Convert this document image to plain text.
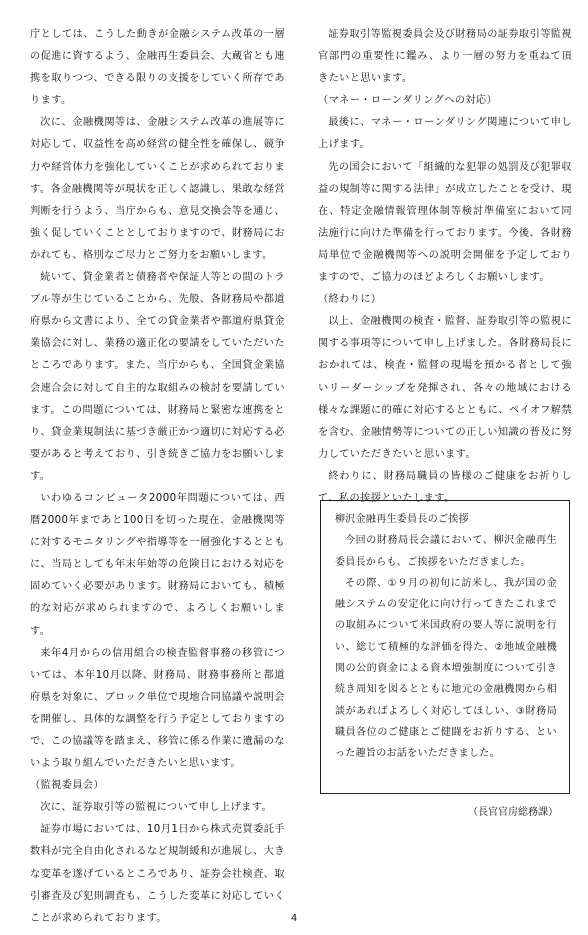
庁としては、こうした動きが金融システム改革の一層の促進に資するよう、金融再生委員会、大蔵省とも連携を取りつつ、できる限りの支援をしていく所存であります。

次に、金融機関等は、金融システム改革の進展等に対応して、収益性を高め経営の健全性を確保し、競争力や経営体力を強化していくことが求められております。各金融機関等が現状を正しく認識し、果敢な経営判断を行うよう、当庁からも、意見交換会等を通じ、強く促していくこととしておりますので、財務局におかれても、格別なご尽力とご努力をお願いします。

続いて、貸金業者と債務者や保証人等との間のトラブル等が生じていることから、先般、各財務局や都道府県から文書により、全ての貸金業者や都道府県貸金業協会に対し、業務の適正化の要請をしていただいたところであります。また、当庁からも、全国貸金業協会連合会に対して自主的な取組みの検討を要請しています。この問題については、財務局と緊密な連携をとり、貸金業規制法に基づき厳正かつ適切に対応する必要があると考えており、引き続きご協力をお願いします。

いわゆるコンピュータ2000年問題については、西暦2000年まであと100日を切った現在、金融機関等に対するモニタリングや指導等を一層強化するとともに、当局としても年末年始等の危険日における対応を固めていく必要があります。財務局においても、積極的な対応が求められますので、よろしくお願いします。

来年4月からの信用組合の検査監督事務の移管については、本年10月以降、財務局、財務事務所と都道府県を対象に、ブロック単位で現地合同協議や説明会を開催し、具体的な調整を行う予定としておりますので、この協議等を踏まえ、移管に係る作業に遺漏のないよう取り組んでいただきたいと思います。

（監視委員会）

次に、証券取引等の監視について申し上げます。

証券市場においては、10月1日から株式売買委託手数料が完全自由化されるなど規制緩和が進展し、大きな変革を遂げているところであり、証券会社検査、取引審査及び犯則調査も、こうした変革に対応していくことが求められております。

証券取引等監視委員会及び財務局の証券取引等監視官部門の重要性に鑑み、より一層の努力を重ねて頂きたいと思います。

（マネー・ローンダリングへの対応）

最後に、マネー・ローンダリング関連について申し上げます。

先の国会において「組織的な犯罪の処罰及び犯罪収益の規制等に関する法律」が成立したことを受け、現在、特定金融情報管理体制等検討準備室において同法施行に向けた準備を行っております。今後、各財務局単位で金融機関等への説明会開催を予定しておりますので、ご協力のほどよろしくお願いします。

（終わりに）

以上、金融機関の検査・監督、証券取引等の監視に関する事項等について申し上げました。各財務局長におかれては、検査・監督の現場を預かる者として強いリーダーシップを発揮され、各々の地域における様々な課題に的確に対応するとともに、ペイオフ解禁を含む、金融情勢等についての正しい知識の普及に努力していただきたいと思います。

終わりに、財務局職員の皆様のご健康をお祈りして、私の挨拶といたします。

柳沢金融再生委員長のご挨拶

今回の財務局長会議において、柳沢金融再生委員長からも、ご挨拶をいただきました。

その際、①９月の初旬に訪米し、我が国の金融システムの安定化に向け行ってきたこれまでの取組みについて米国政府の要人等に説明を行い、総じて積極的な評価を得た、②地域金融機関の公的資金による資本増強制度について引き続き周知を図るとともに地元の金融機関から相談があればよろしく対応してほしい、③財務局職員各位のご健康とご健闘をお祈りする、といった趣旨のお話をいただきました。

（長官官房総務課）
4
